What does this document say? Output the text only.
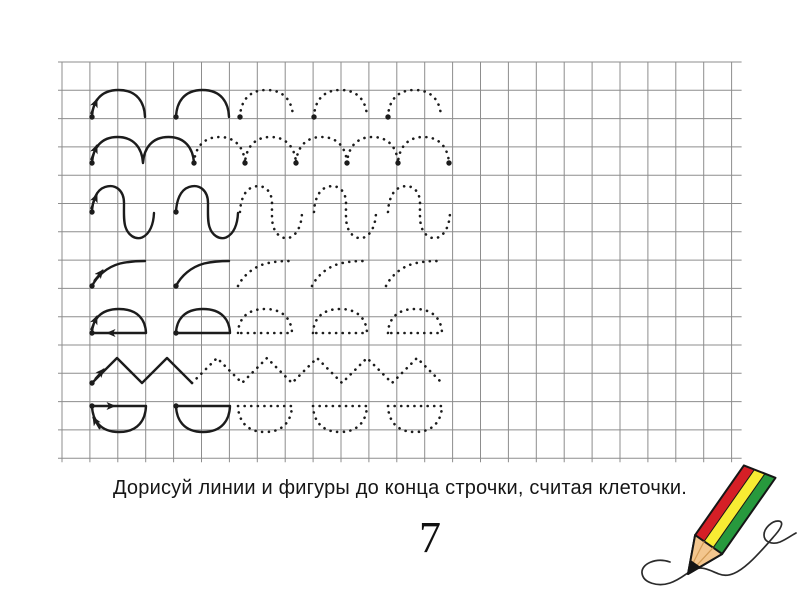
Дорисуй линии и фигуры до конца строчки, считая клеточки.
7
